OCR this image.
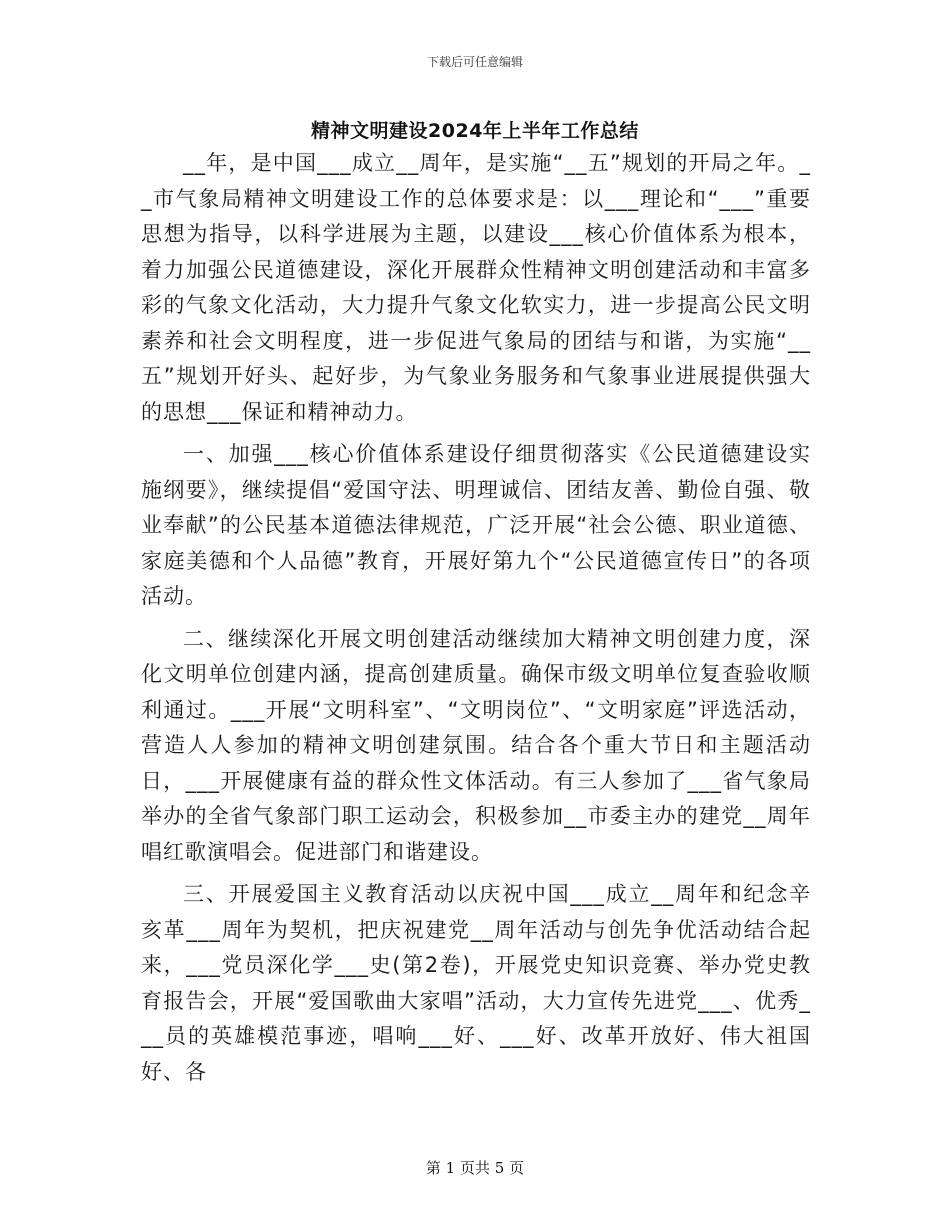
下载后可任意编辑
精神文明建设2024年上半年工作总结

__年，是中国___成立__周年，是实施“__五”规划的开局之年。__市气象局精神文明建设工作的总体要求是：以___理论和“___”重要思想为指导，以科学进展为主题，以建设___核心价值体系为根本，着力加强公民道德建设，深化开展群众性精神文明创建活动和丰富多彩的气象文化活动，大力提升气象文化软实力，进一步提高公民文明素养和社会文明程度，进一步促进气象局的团结与和谐，为实施“__五”规划开好头、起好步，为气象业务服务和气象事业进展提供强大的思想___保证和精神动力。

一、加强___核心价值体系建设仔细贯彻落实《公民道德建设实施纲要》，继续提倡“爱国守法、明理诚信、团结友善、勤俭自强、敬业奉献”的公民基本道德法律规范，广泛开展“社会公德、职业道德、家庭美德和个人品德”教育，开展好第九个“公民道德宣传日”的各项活动。

二、继续深化开展文明创建活动继续加大精神文明创建力度，深化文明单位创建内涵，提高创建质量。确保市级文明单位复查验收顺利通过。___开展“文明科室”、“文明岗位”、“文明家庭”评选活动，营造人人参加的精神文明创建氛围。结合各个重大节日和主题活动日，___开展健康有益的群众性文体活动。有三人参加了___省气象局举办的全省气象部门职工运动会，积极参加__市委主办的建党__周年唱红歌演唱会。促进部门和谐建设。

三、开展爱国主义教育活动以庆祝中国___成立__周年和纪念辛亥革___周年为契机，把庆祝建党__周年活动与创先争优活动结合起来，___党员深化学___史(第2卷)，开展党史知识竞赛、举办党史教育报告会，开展“爱国歌曲大家唱”活动，大力宣传先进党___、优秀___员的英雄模范事迹，唱响___好、___好、改革开放好、伟大祖国好、各

第 1 页共 5 页
